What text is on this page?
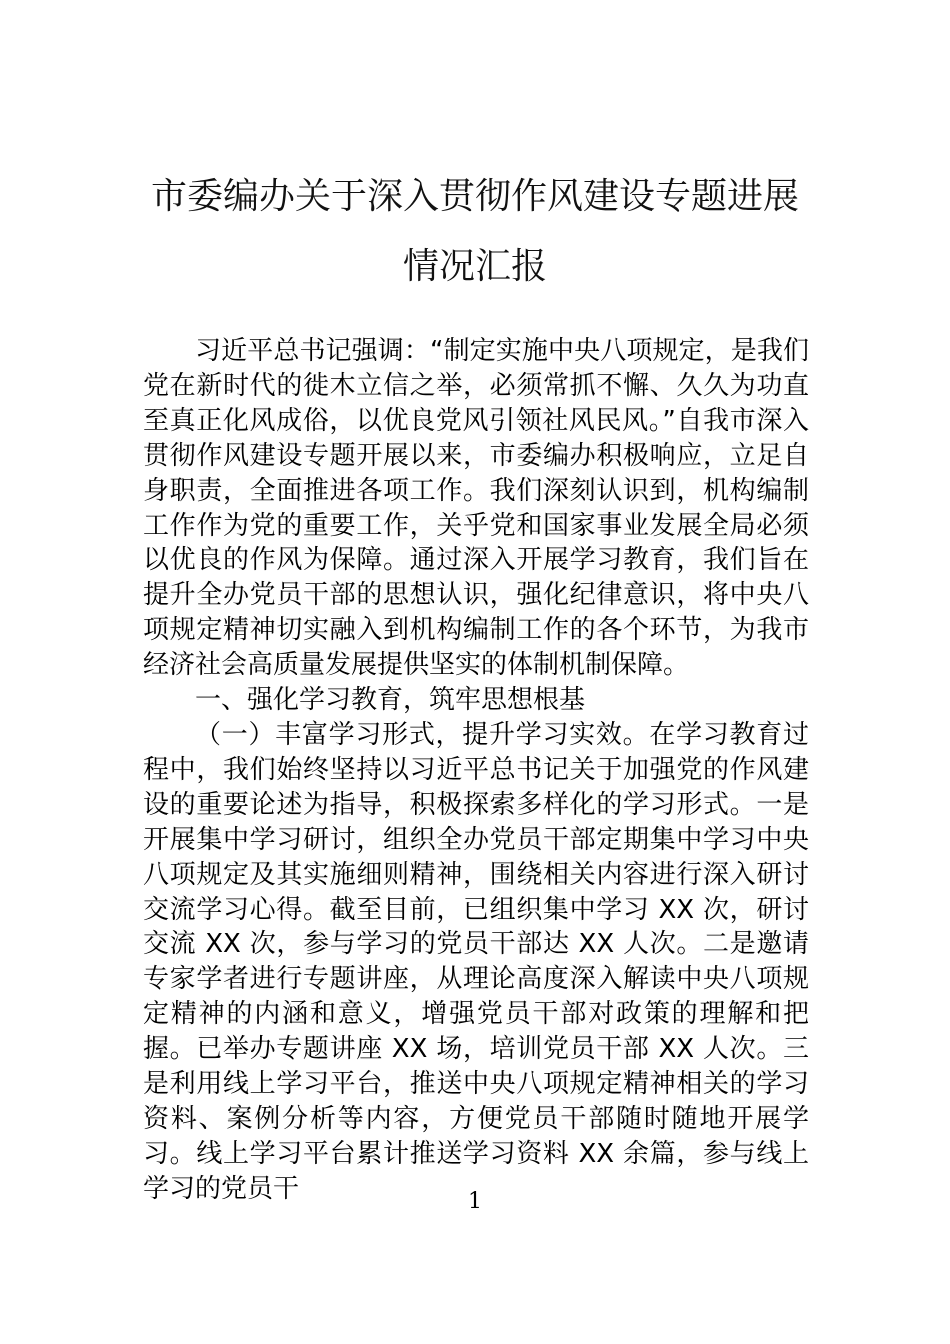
市委编办关于深入贯彻作风建设专题进展
情况汇报

习近平总书记强调：“制定实施中央八项规定，是我们党在新时代的徙木立信之举，必须常抓不懈、久久为功直至真正化风成俗，以优良党风引领社风民风。”自我市深入贯彻作风建设专题开展以来，市委编办积极响应，立足自身职责，全面推进各项工作。我们深刻认识到，机构编制工作作为党的重要工作，关乎党和国家事业发展全局必须以优良的作风为保障。通过深入开展学习教育，我们旨在提升全办党员干部的思想认识，强化纪律意识，将中央八项规定精神切实融入到机构编制工作的各个环节，为我市经济社会高质量发展提供坚实的体制机制保障。

一、强化学习教育，筑牢思想根基

（一）丰富学习形式，提升学习实效。在学习教育过程中，我们始终坚持以习近平总书记关于加强党的作风建设的重要论述为指导，积极探索多样化的学习形式。一是开展集中学习研讨，组织全办党员干部定期集中学习中央八项规定及其实施细则精神，围绕相关内容进行深入研讨交流学习心得。截至目前，已组织集中学习 XX 次，研讨交流 XX 次，参与学习的党员干部达 XX 人次。二是邀请专家学者进行专题讲座，从理论高度深入解读中央八项规定精神的内涵和意义，增强党员干部对政策的理解和把握。已举办专题讲座 XX 场，培训党员干部 XX 人次。三是利用线上学习平台，推送中央八项规定精神相关的学习资料、案例分析等内容，方便党员干部随时随地开展学习。线上学习平台累计推送学习资料 XX 余篇，参与线上学习的党员干	1
